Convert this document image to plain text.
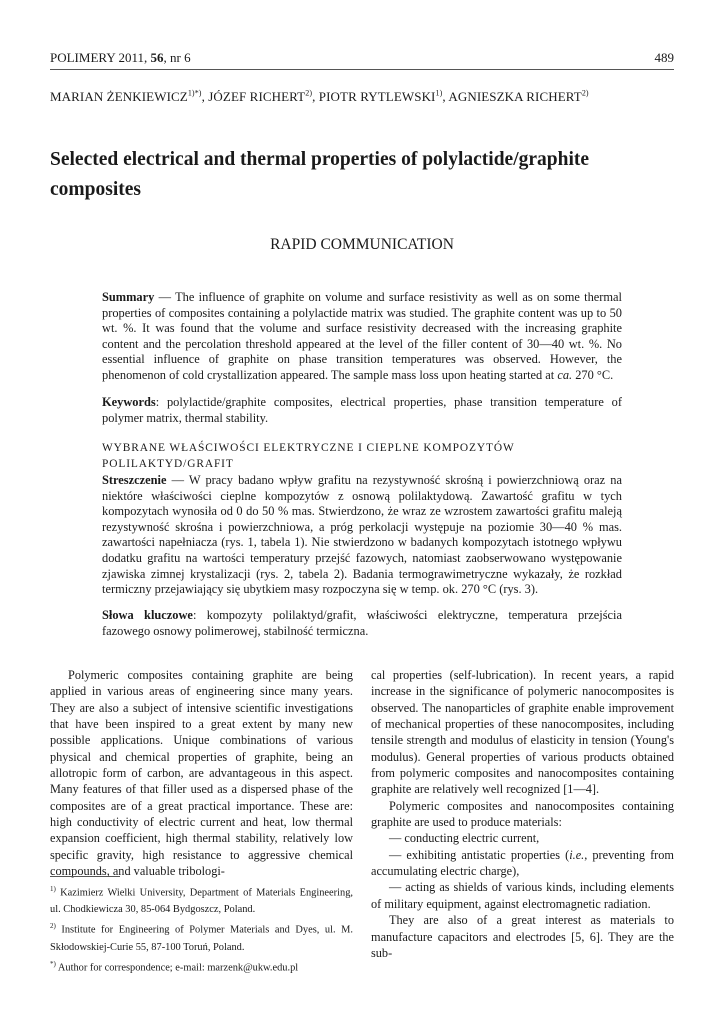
POLIMERY 2011, 56, nr 6	489
MARIAN $ŻENKIEWICZ^{1)*)}$, JÓZEF RICHERT$^{2)}$, PIOTR RYTLEWSKI$^{1)}$, AGNIESZKA RICHERT$^{2)}$
Selected electrical and thermal properties of polylactide/graphite composites
RAPID COMMUNICATION

Summary — The influence of graphite on volume and surface resistivity as well as on some thermal properties of composites containing a polylactide matrix was studied. The graphite content was up to 50 wt. %. It was found that the volume and surface resistivity decreased with the increasing graphite content and the percolation threshold appeared at the level of the filler content of 30—40 wt. %. No essential influence of graphite on phase transition temperatures was observed. However, the phenomenon of cold crystallization appeared. The sample mass loss upon heating started at ca. 270 °C.

Keywords: polylactide/graphite composites, electrical properties, phase transition temperature of polymer matrix, thermal stability.

WYBRANE WŁAŚCIWOŚCI ELEKTRYCZNE I CIEPLNE KOMPOZYTÓW POLILAKTYD/GRAFIT

Streszczenie — W pracy badano wpływ grafitu na rezystywność skrośną i powierzchniową oraz na niektóre właściwości cieplne kompozytów z osnową polilaktydową. Zawartość grafitu w tych kompozytach wynosiła od 0 do 50 % mas. Stwierdzono, że wraz ze wzrostem zawartości grafitu maleją rezystywność skrośna i powierzchniowa, a próg perkolacji występuje na poziomie 30—40 % mas. zawartości napełniacza (rys. 1, tabela 1). Nie stwierdzono w badanych kompozytach istotnego wpływu dodatku grafitu na wartości temperatury przejść fazowych, natomiast zaobserwowano występowanie zjawiska zimnej krystalizacji (rys. 2, tabela 2). Badania termograwimetryczne wykazały, że rozkład termiczny przejawiający się ubytkiem masy rozpoczyna się w temp. ok. 270 °C (rys. 3).

Słowa kluczowe: kompozyty polilaktyd/grafit, właściwości elektryczne, temperatura przejścia fazowego osnowy polimerowej, stabilność termiczna.

Polymeric composites containing graphite are being applied in various areas of engineering since many years. They are also a subject of intensive scientific investigations that have been inspired to a great extent by many new possible applications. Unique combinations of various physical and chemical properties of graphite, being an allotropic form of carbon, are advantageous in this aspect. Many features of that filler used as a dispersed phase of the composites are of a great practical importance. These are: high conductivity of electric current and heat, low thermal expansion coefficient, high thermal stability, relatively low specific gravity, high resistance to aggressive chemical compounds, and valuable tribologi-

cal properties (self-lubrication). In recent years, a rapid increase in the significance of polymeric nanocomposites is observed. The nanoparticles of graphite enable improvement of mechanical properties of these nanocomposites, including tensile strength and modulus of elasticity in tension (Young's modulus). General properties of various products obtained from polymeric composites and nanocomposites containing graphite are relatively well recognized [1—4].

Polymeric composites and nanocomposites containing graphite are used to produce materials:

— conducting electric current,

— exhibiting antistatic properties (i.e., preventing from accumulating electric charge),

— acting as shields of various kinds, including elements of military equipment, against electromagnetic radiation.

They are also of a great interest as materials to manufacture capacitors and electrodes [5, 6]. They are the sub-

$^{1)}$ Kazimierz Wielki University, Department of Materials Engineering, ul. Chodkiewicza 30, 85-064 Bydgoszcz, Poland.

$^{2)}$ Institute for Engineering of Polymer Materials and Dyes, ul. M. Skłodowskiej-Curie 55, 87-100 Toruń, Poland.

*) Author for correspondence; e-mail: marzenk@ukw.edu.pl
